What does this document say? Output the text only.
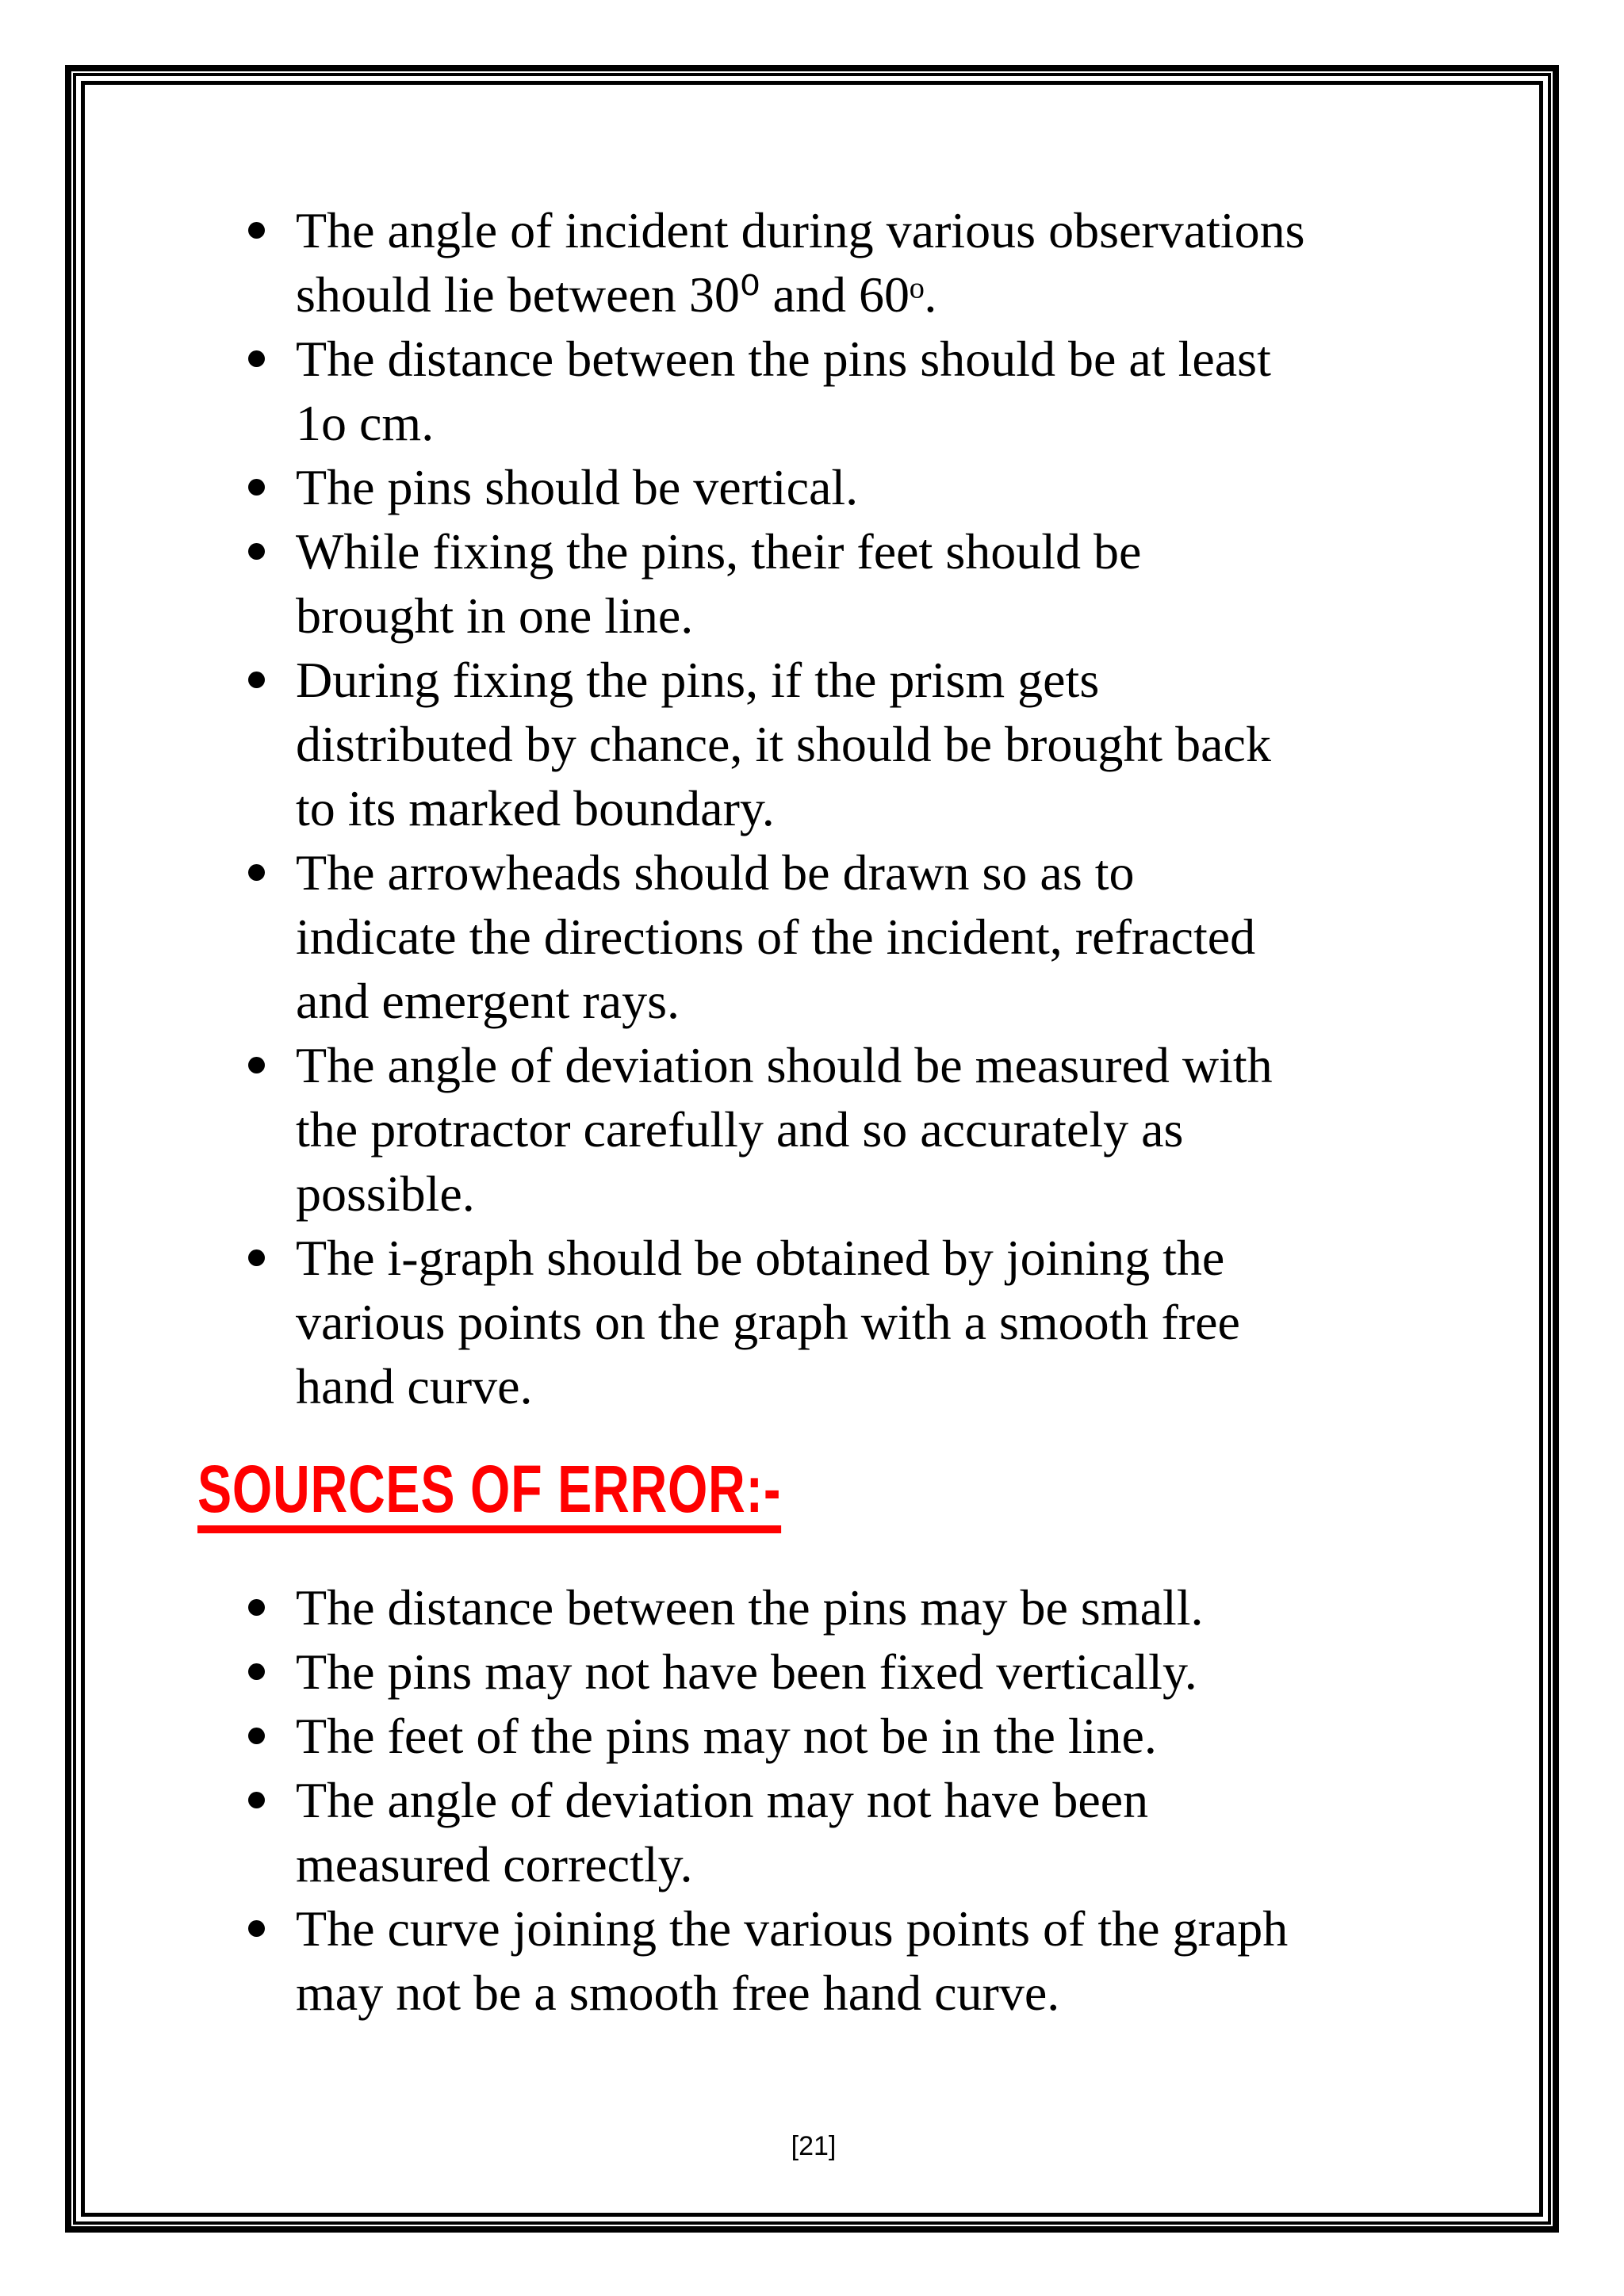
The angle of incident during various observations
should lie between 30⁰ and 60ᵒ.
The distance between the pins should be at least
1o cm.
The pins should be vertical.
While fixing the pins, their feet should be
brought in one line.
During fixing the pins, if the prism gets
distributed by chance, it should be brought back
to its marked boundary.
The arrowheads should be drawn so as to
indicate the directions of the incident, refracted
and emergent rays.
The angle of deviation should be measured with
the protractor carefully and so accurately as
possible.
The i-graph should be obtained by joining the
various points on the graph with a smooth free
hand curve.
SOURCES OF ERROR:-
The distance between the pins may be small.
The pins may not have been fixed vertically.
The feet of the pins may not be in the line.
The angle of deviation may not have been
measured correctly.
The curve joining the various points of the graph
may not be a smooth free hand curve.
[21]
